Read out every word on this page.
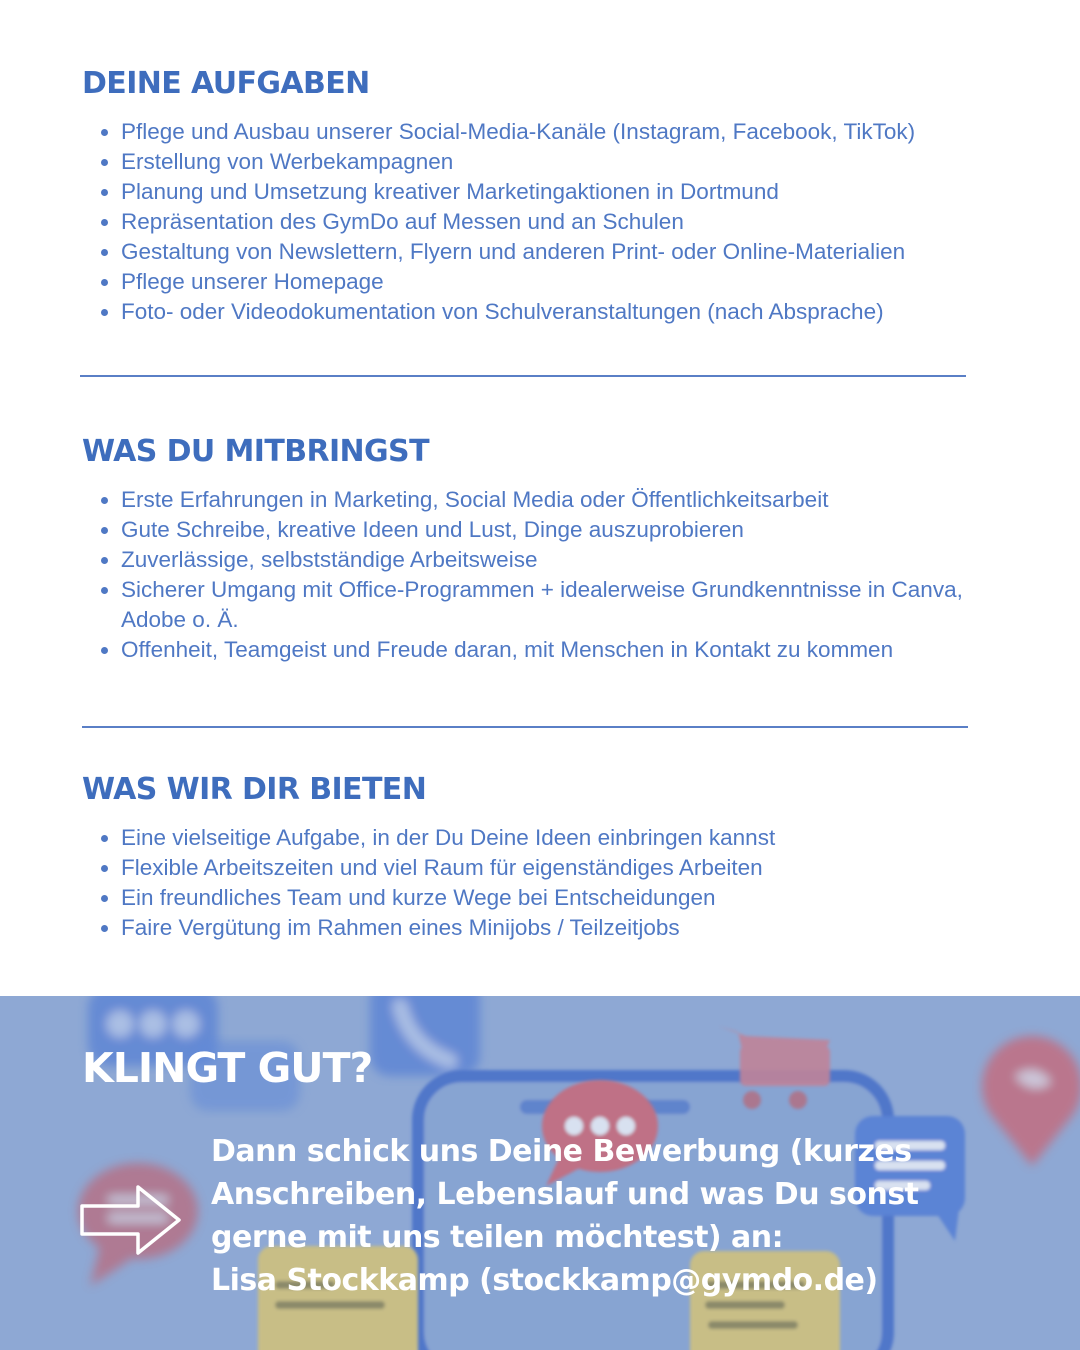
DEINE AUFGABEN
Pflege und Ausbau unserer Social-Media-Kanäle (Instagram, Facebook, TikTok)
Erstellung von Werbekampagnen
Planung und Umsetzung kreativer Marketingaktionen in Dortmund
Repräsentation des GymDo auf Messen und an Schulen
Gestaltung von Newslettern, Flyern und anderen Print- oder Online-Materialien
Pflege unserer Homepage
Foto- oder Videodokumentation von Schulveranstaltungen (nach Absprache)
WAS DU MITBRINGST
Erste Erfahrungen in Marketing, Social Media oder Öffentlichkeitsarbeit
Gute Schreibe, kreative Ideen und Lust, Dinge auszuprobieren
Zuverlässige, selbstständige Arbeitsweise
Sicherer Umgang mit Office-Programmen + idealerweise Grundkenntnisse in Canva, Adobe o. Ä.
Offenheit, Teamgeist und Freude daran, mit Menschen in Kontakt zu kommen
WAS WIR DIR BIETEN
Eine vielseitige Aufgabe, in der Du Deine Ideen einbringen kannst
Flexible Arbeitszeiten und viel Raum für eigenständiges Arbeiten
Ein freundliches Team und kurze Wege bei Entscheidungen
Faire Vergütung im Rahmen eines Minijobs / Teilzeitjobs
KLINGT GUT?

Dann schick uns Deine Bewerbung (kurzes
Anschreiben, Lebenslauf und was Du sonst
gerne mit uns teilen möchtest) an:
Lisa Stockkamp (stockkamp@gymdo.de)
